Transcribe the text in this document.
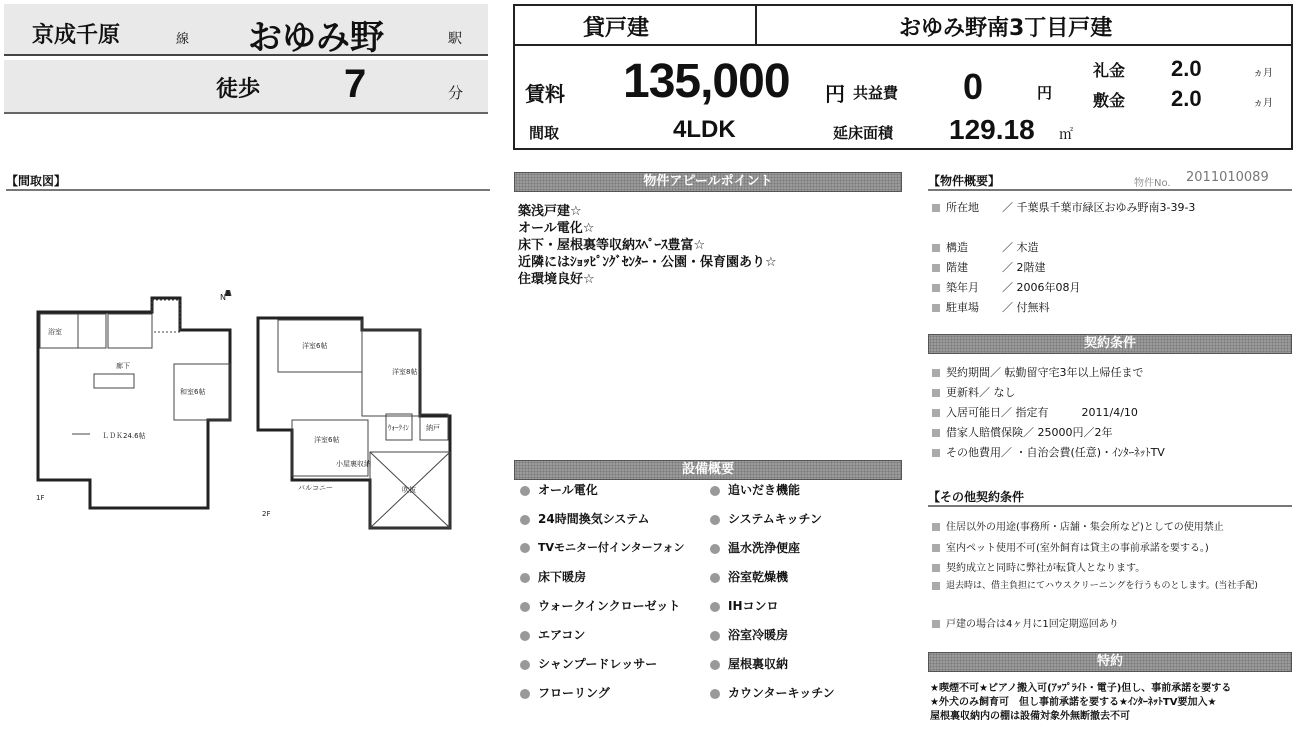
京成千原	線 おゆみ野	駅
徒歩 7	分
貸戸建	おゆみ野南3丁目戸建
賃料 135,000 円 共益費 0	円
礼金 2.0	ヵ月
敷金 2.0	ヵ月
間取	4LDK	延床面積 129.18 ㎡
【間取図】
N
浴室
ＬＤＫ24.6帖
和室6帖
廊下
洋室6帖
洋室8帖
洋室6帖
ｳｫｰｸｲﾝ 納戸
小屋裏収納
バルコニー	吹抜
1F
2F
物件アピールポイント
築浅戸建☆
オール電化☆
床下・屋根裏等収納ｽﾍﾟｰｽ豊富☆
近隣にはｼｮｯﾋﾟﾝｸﾞｾﾝﾀｰ・公園・保育園あり☆
住環境良好☆
設備概要
オール電化
24時間換気システム
TVモニター付インターフォン
床下暖房
ウォークインクローゼット
エアコン
シャンプードレッサー
フローリング
追いだき機能
システムキッチン
温水洗浄便座
浴室乾燥機
IHコンロ
浴室冷暖房
屋根裏収納
カウンターキッチン
【物件概要】	物件No. 2011010089
所在地 ／ 千葉県千葉市緑区おゆみ野南3-39-3
構造	／ 木造
階建	／ 2階建
築年月 ／ 2006年08月
駐車場 ／ 付無料
契約条件
契約期間／ 転勤留守宅3年以上帰任まで
更新料／ なし
入居可能日／ 指定有　　　2011/4/10
借家人賠償保険／ 25000円／2年
その他費用／ ・自治会費(任意)・ｲﾝﾀｰﾈｯﾄTV
【その他契約条件
住居以外の用途(事務所・店舗・集会所など)としての使用禁止
室内ペット使用不可(室外飼育は貸主の事前承諾を要する。)
契約成立と同時に弊社が転貸人となります。
退去時は、借主負担にてハウスクリーニングを行うものとします。(当社手配)
戸建の場合は4ヶ月に1回定期巡回あり
特約
★喫煙不可★ピアノ搬入可(ｱｯﾌﾟﾗｲﾄ・電子)但し、事前承諾を要する
★外犬のみ飼育可　但し事前承諾を要する★ｲﾝﾀｰﾈｯﾄTV要加入★
屋根裏収納内の棚は設備対象外無断撤去不可
